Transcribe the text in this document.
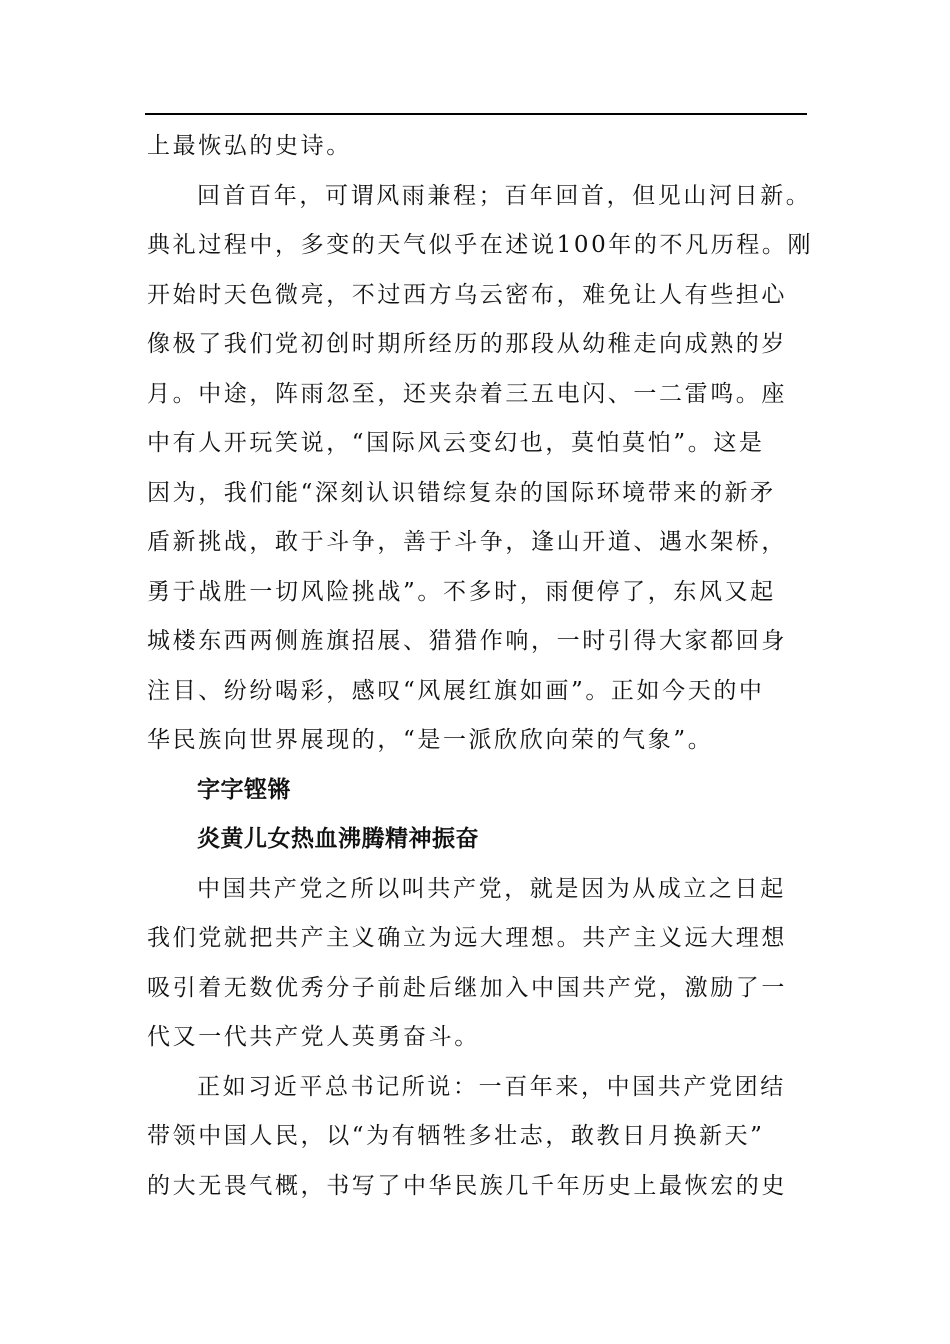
上最恢弘的史诗。
回首百年，可谓风雨兼程；百年回首，但见山河日新。
典礼过程中，多变的天气似乎在述说100年的不凡历程。刚
开始时天色微亮，不过西方乌云密布，难免让人有些担心
像极了我们党初创时期所经历的那段从幼稚走向成熟的岁
月。中途，阵雨忽至，还夹杂着三五电闪、一二雷鸣。座
中有人开玩笑说，“国际风云变幻也，莫怕莫怕”。这是
因为，我们能“深刻认识错综复杂的国际环境带来的新矛
盾新挑战，敢于斗争，善于斗争，逢山开道、遇水架桥，
勇于战胜一切风险挑战”。不多时，雨便停了，东风又起
城楼东西两侧旌旗招展、猎猎作响，一时引得大家都回身
注目、纷纷喝彩，感叹“风展红旗如画”。正如今天的中
华民族向世界展现的，“是一派欣欣向荣的气象”。
字字铿锵
炎黄儿女热血沸腾精神振奋
中国共产党之所以叫共产党，就是因为从成立之日起
我们党就把共产主义确立为远大理想。共产主义远大理想
吸引着无数优秀分子前赴后继加入中国共产党，激励了一
代又一代共产党人英勇奋斗。
正如习近平总书记所说：一百年来，中国共产党团结
带领中国人民，以“为有牺牲多壮志，敢教日月换新天”
的大无畏气概，书写了中华民族几千年历史上最恢宏的史
